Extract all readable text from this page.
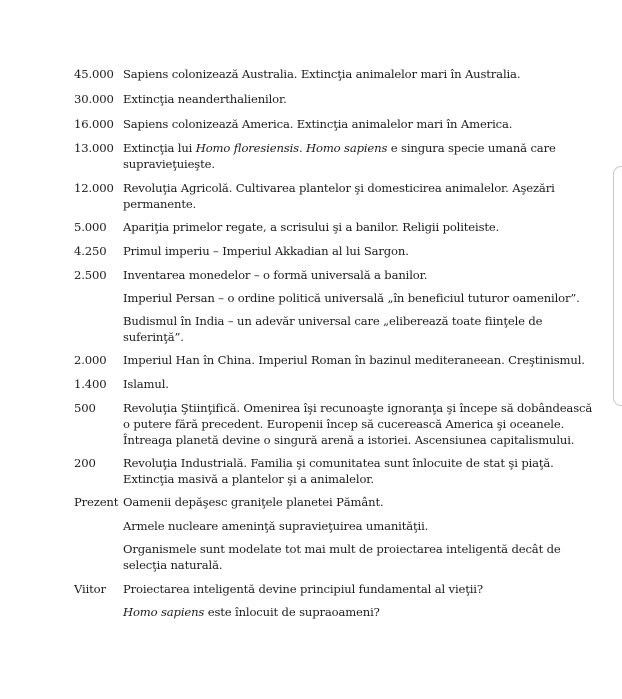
45.000 Sapiens colonizează Australia. Extincţia animalelor mari în Australia.
30.000 Extincţia neanderthalienilor.
16.000 Sapiens colonizează America. Extincţia animalelor mari în America.
13.000 Extincţia lui Homo floresiensis. Homo sapiens e singura specie umană care
supravieţuieşte.
12.000 Revoluţia Agricolă. Cultivarea plantelor şi domesticirea animalelor. Aşezări
permanente.
5.000 Apariţia primelor regate, a scrisului şi a banilor. Religii politeiste.
4.250 Primul imperiu – Imperiul Akkadian al lui Sargon.
2.500 Inventarea monedelor – o formă universală a banilor.
Imperiul Persan – o ordine politică universală „în beneficiul tuturor oamenilor”.
Budismul în India – un adevăr universal care „eliberează toate fiinţele de
suferinţă”.
2.000 Imperiul Han în China. Imperiul Roman în bazinul mediteraneean. Creştinismul.
1.400 Islamul.
500 Revoluţia Ştiinţifică. Omenirea îşi recunoaşte ignoranţa şi începe să dobândească
o putere fără precedent. Europenii încep să cucerească America şi oceanele.
Întreaga planetă devine o singură arenă a istoriei. Ascensiunea capitalismului.
200 Revoluţia Industrială. Familia şi comunitatea sunt înlocuite de stat şi piaţă.
Extincţia masivă a plantelor şi a animalelor.
Prezent Oamenii depăşesc graniţele planetei Pământ.
Armele nucleare ameninţă supravieţuirea umanităţii.
Organismele sunt modelate tot mai mult de proiectarea inteligentă decât de
selecţia naturală.
Viitor Proiectarea inteligentă devine principiul fundamental al vieţii?
Homo sapiens este înlocuit de supraoameni?
